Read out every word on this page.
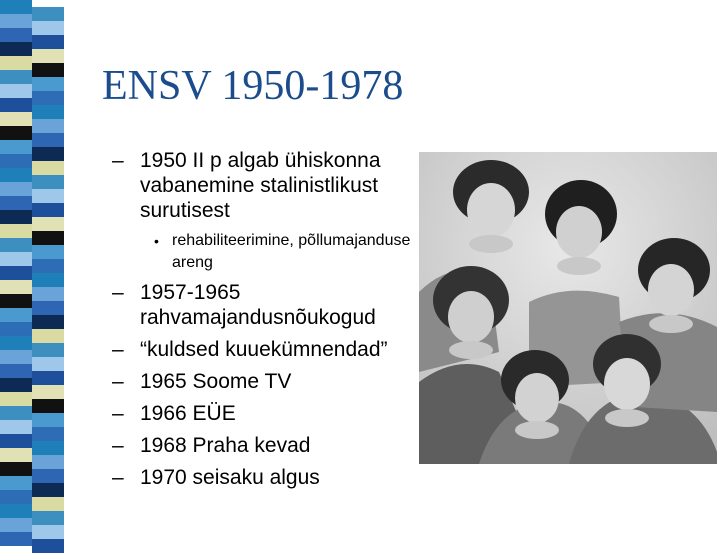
ENSV 1950-1978
– 1950 II p algab ühiskonna vabanemine stalinistlikust surutisest
• rehabiliteerimine, põllumajanduse areng
– 1957-1965 rahvamajandusnõukogud
– “kuldsed kuuekümnendad”
– 1965 Soome TV
– 1966 EÜE
– 1968 Praha kevad
– 1970 seisaku algus
